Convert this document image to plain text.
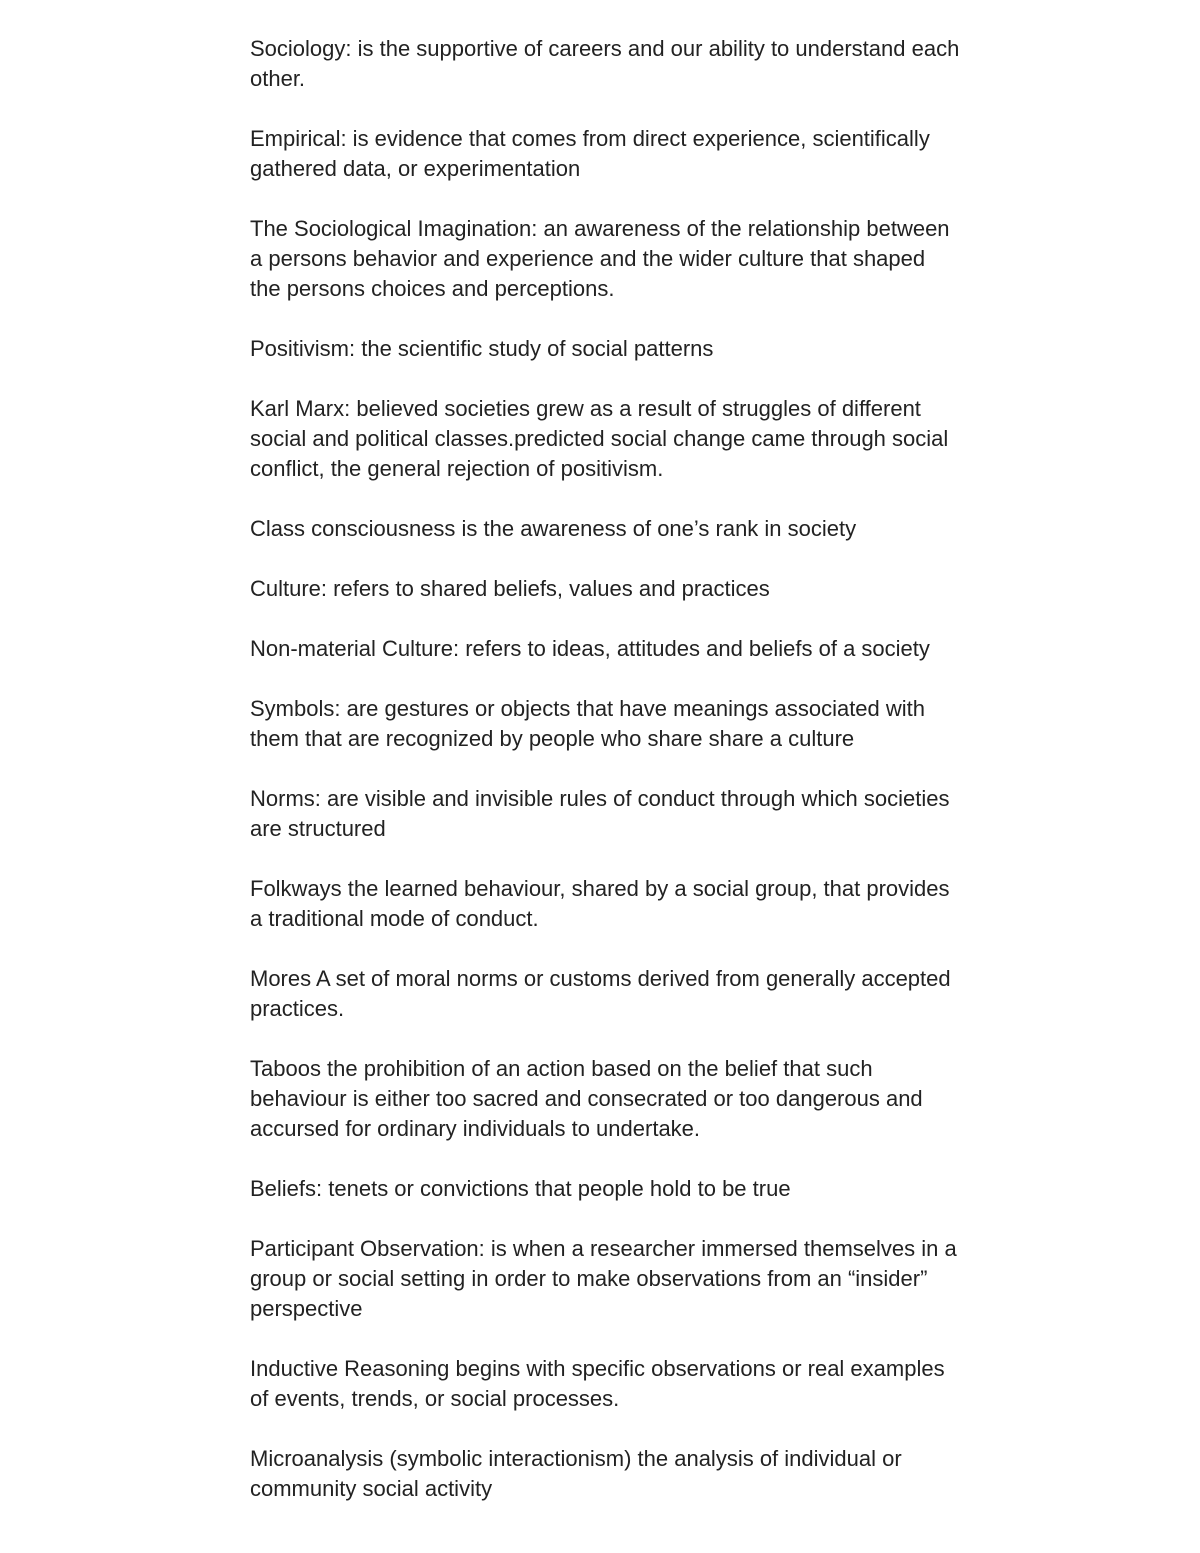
Sociology: is the supportive of careers and our ability to understand each other.

Empirical: is evidence that comes from direct experience, scientifically gathered data, or experimentation

The Sociological Imagination: an awareness of the relationship between a persons behavior and experience and the wider culture that shaped the persons choices and perceptions.

Positivism: the scientific study of social patterns

Karl Marx: believed societies grew as a result of struggles of different social and political classes.predicted social change came through social conflict, the general rejection of positivism.

Class consciousness is the awareness of one’s rank in society

Culture: refers to shared beliefs, values and practices

Non-material Culture: refers to ideas, attitudes and beliefs of a society

Symbols: are gestures or objects that have meanings associated with them that are recognized by people who share share a culture

Norms: are visible and invisible rules of conduct through which societies are structured

Folkways the learned behaviour, shared by a social group, that provides a traditional mode of conduct.

Mores A set of moral norms or customs derived from generally accepted practices.

Taboos the prohibition of an action based on the belief that such behaviour is either too sacred and consecrated or too dangerous and accursed for ordinary individuals to undertake.

Beliefs: tenets or convictions that people hold to be true

Participant Observation: is when a researcher immersed themselves in a group or social setting in order to make observations from an “insider” perspective

Inductive Reasoning begins with specific observations or real examples of events, trends, or social processes.

Microanalysis (symbolic interactionism) the analysis of individual or community social activity
